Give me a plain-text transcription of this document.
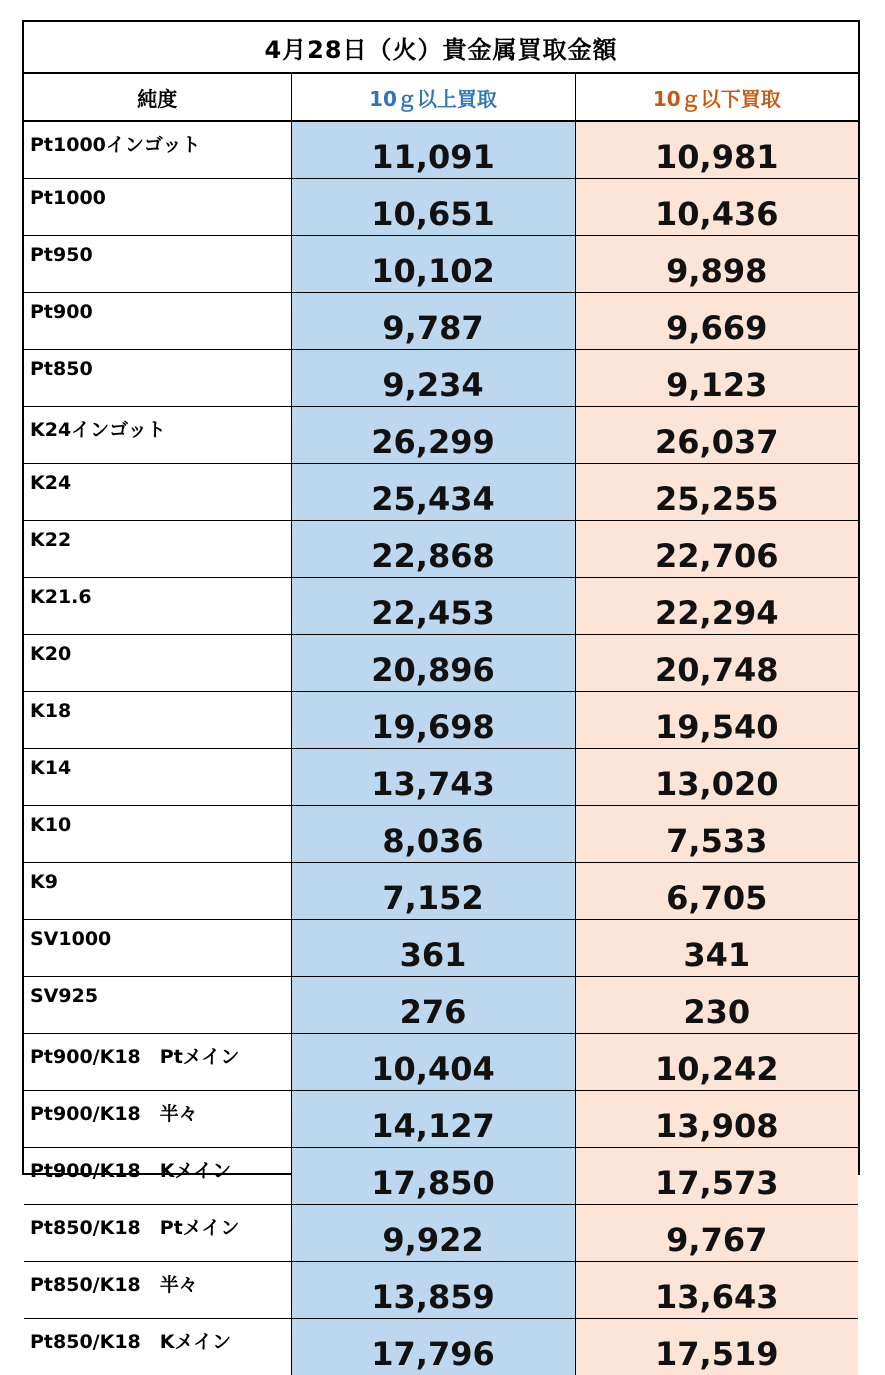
4月28日（火）貴金属買取金額
純度	10ｇ以上買取	10ｇ以下買取
Pt1000インゴット	11,091	10,981
Pt1000	10,651	10,436
Pt950	10,102	9,898
Pt900	9,787	9,669
Pt850	9,234	9,123
K24インゴット	26,299	26,037
K24	25,434	25,255
K22	22,868	22,706
K21.6	22,453	22,294
K20	20,896	20,748
K18	19,698	19,540
K14	13,743	13,020
K10	8,036	7,533
K9	7,152	6,705
SV1000	361	341
SV925	276	230
Pt900/K18　Ptメイン	10,404	10,242
Pt900/K18　半々	14,127	13,908
Pt900/K18　Kメイン	17,850	17,573
Pt850/K18　Ptメイン	9,922	9,767
Pt850/K18　半々	13,859	13,643
Pt850/K18　Kメイン	17,796	17,519
